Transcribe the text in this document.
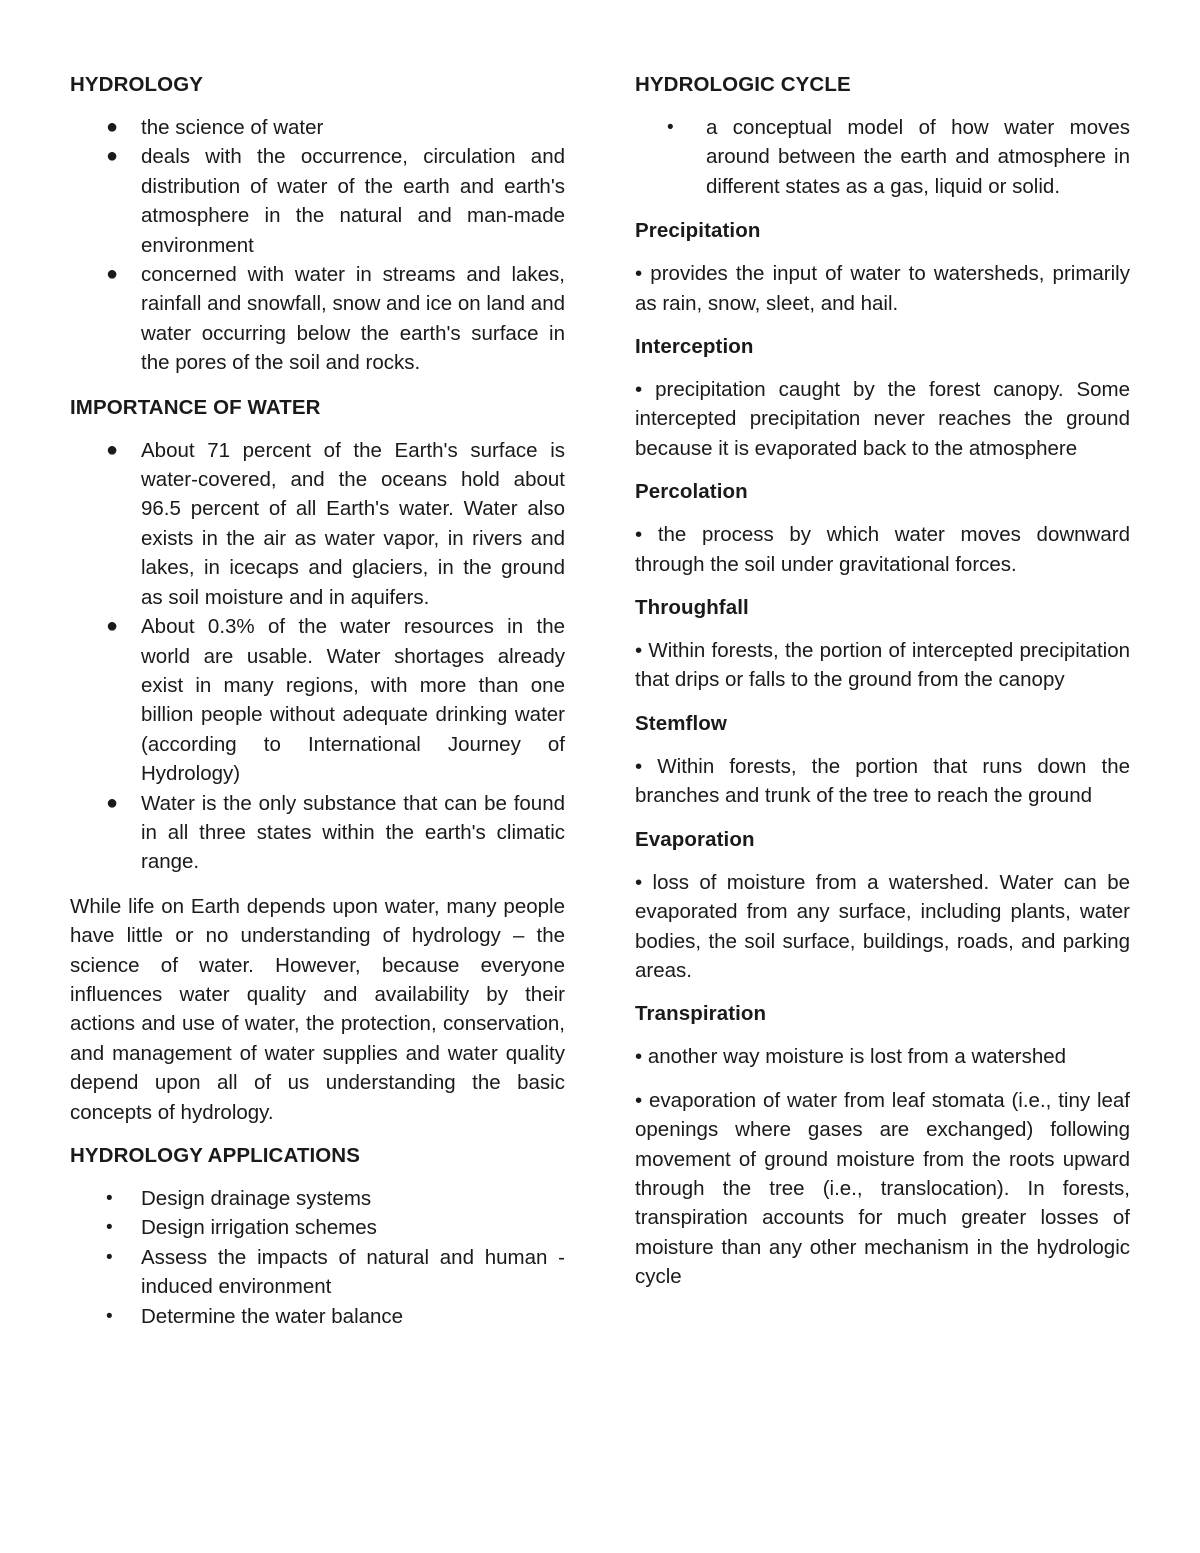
HYDROLOGY
●	the science of water
●	deals with the occurrence, circulation and distribution of water of the earth and earth's atmosphere in the natural and man-made environment
●	concerned with water in streams and lakes, rainfall and snowfall, snow and ice on land and water occurring below the earth's surface in the pores of the soil and rocks.
IMPORTANCE OF WATER
●	About 71 percent of the Earth's surface is water-covered, and the oceans hold about 96.5 percent of all Earth's water. Water also exists in the air as water vapor, in rivers and lakes, in icecaps and glaciers, in the ground as soil moisture and in aquifers.
●	About 0.3% of the water resources in the world are usable. Water shortages already exist in many regions, with more than one billion people without adequate drinking water (according to International Journey of Hydrology)
●	Water is the only substance that can be found in all three states within the earth's climatic range.

While life on Earth depends upon water, many people have little or no understanding of hydrology – the science of water. However, because everyone influences water quality and availability by their actions and use of water, the protection, conservation, and management of water supplies and water quality depend upon all of us understanding the basic concepts of hydrology.

HYDROLOGY APPLICATIONS
•	Design drainage systems
•	Design irrigation schemes
•	Assess the impacts of natural and human -induced environment
•	Determine the water balance
HYDROLOGIC CYCLE
•	a conceptual model of how water moves around between the earth and atmosphere in different states as a gas, liquid or solid.
Precipitation

• provides the input of water to watersheds, primarily as rain, snow, sleet, and hail.

Interception

• precipitation caught by the forest canopy. Some intercepted precipitation never reaches the ground because it is evaporated back to the atmosphere

Percolation

• the process by which water moves downward through the soil under gravitational forces.

Throughfall

• Within forests, the portion of intercepted precipitation that drips or falls to the ground from the canopy

Stemflow

• Within forests, the portion that runs down the branches and trunk of the tree to reach the ground

Evaporation

• loss of moisture from a watershed. Water can be evaporated from any surface, including plants, water bodies, the soil surface, buildings, roads, and parking areas.

Transpiration

• another way moisture is lost from a watershed

• evaporation of water from leaf stomata (i.e., tiny leaf openings where gases are exchanged) following movement of ground moisture from the roots upward through the tree (i.e., translocation). In forests, transpiration accounts for much greater losses of moisture than any other mechanism in the hydrologic cycle
